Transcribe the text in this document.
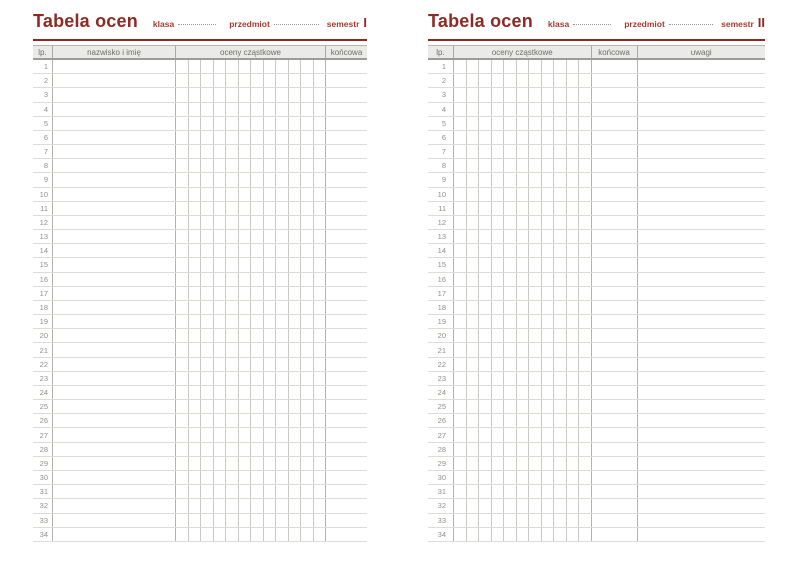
Tabela ocen klasa	przedmiot	semestr I
lp.	nazwisko i imię	oceny cząstkowe	końcowa
1
2
3
4
5
6
7
8
9
10
11
12
13
14
15
16
17
18
19
20
21
22
23
24
25
26
27
28
29
30
31
32
33
34
Tabela ocen klasa	przedmiot	semestr II
lp.	oceny cząstkowe	końcowa	uwagi
1
2
3
4
5
6
7
8
9
10
11
12
13
14
15
16
17
18
19
20
21
22
23
24
25
26
27
28
29
30
31
32
33
34
